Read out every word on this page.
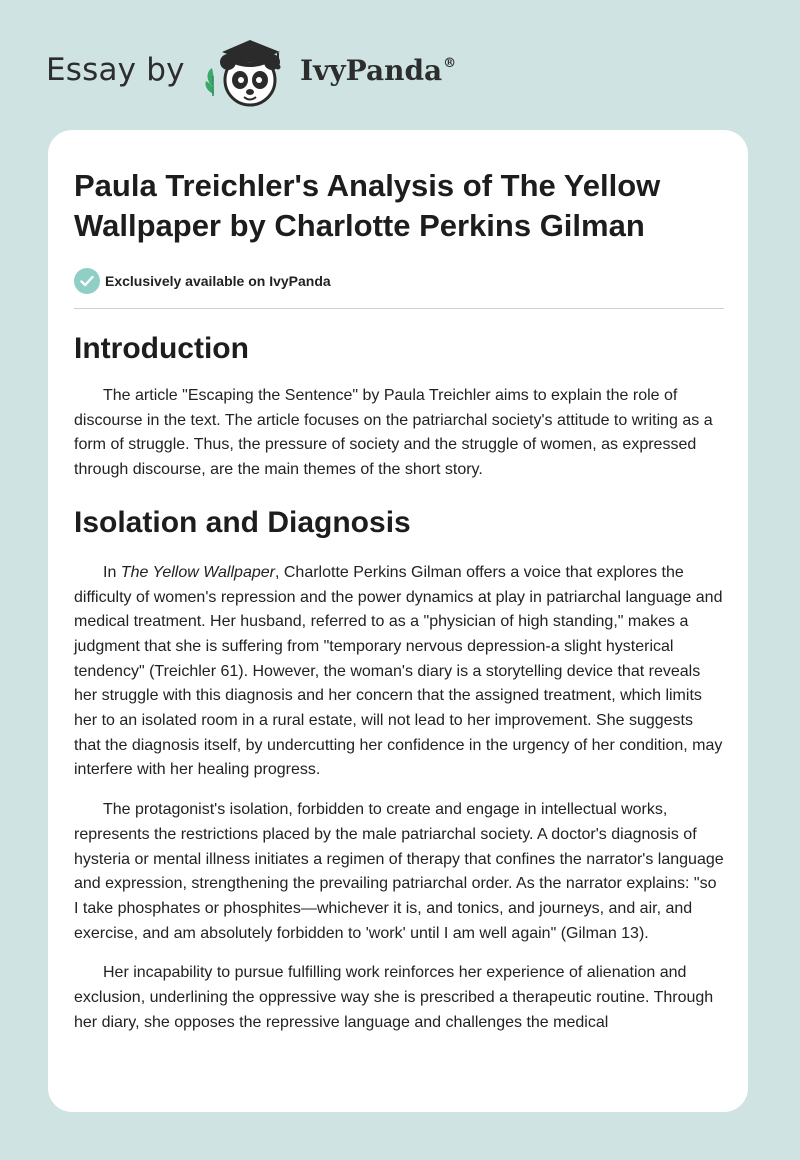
Essay by	IvyPanda®
Paula Treichler's Analysis of The Yellow Wallpaper by Charlotte Perkins Gilman
Exclusively available on IvyPanda
Introduction

The article "Escaping the Sentence" by Paula Treichler aims to explain the role of discourse in the text. The article focuses on the patriarchal society's attitude to writing as a form of struggle. Thus, the pressure of society and the struggle of women, as expressed through discourse, are the main themes of the short story.

Isolation and Diagnosis

In The Yellow Wallpaper, Charlotte Perkins Gilman offers a voice that explores the difficulty of women's repression and the power dynamics at play in patriarchal language and medical treatment. Her husband, referred to as a "physician of high standing," makes a judgment that she is suffering from "temporary nervous depression-a slight hysterical tendency" (Treichler 61). However, the woman's diary is a storytelling device that reveals her struggle with this diagnosis and her concern that the assigned treatment, which limits her to an isolated room in a rural estate, will not lead to her improvement. She suggests that the diagnosis itself, by undercutting her confidence in the urgency of her condition, may interfere with her healing progress.

The protagonist's isolation, forbidden to create and engage in intellectual works, represents the restrictions placed by the male patriarchal society. A doctor's diagnosis of hysteria or mental illness initiates a regimen of therapy that confines the narrator's language and expression, strengthening the prevailing patriarchal order. As the narrator explains: "so I take phosphates or phosphites—whichever it is, and tonics, and journeys, and air, and exercise, and am absolutely forbidden to 'work' until I am well again" (Gilman 13).

Her incapability to pursue fulfilling work reinforces her experience of alienation and exclusion, underlining the oppressive way she is prescribed a therapeutic routine. Through her diary, she opposes the repressive language and challenges the medical
